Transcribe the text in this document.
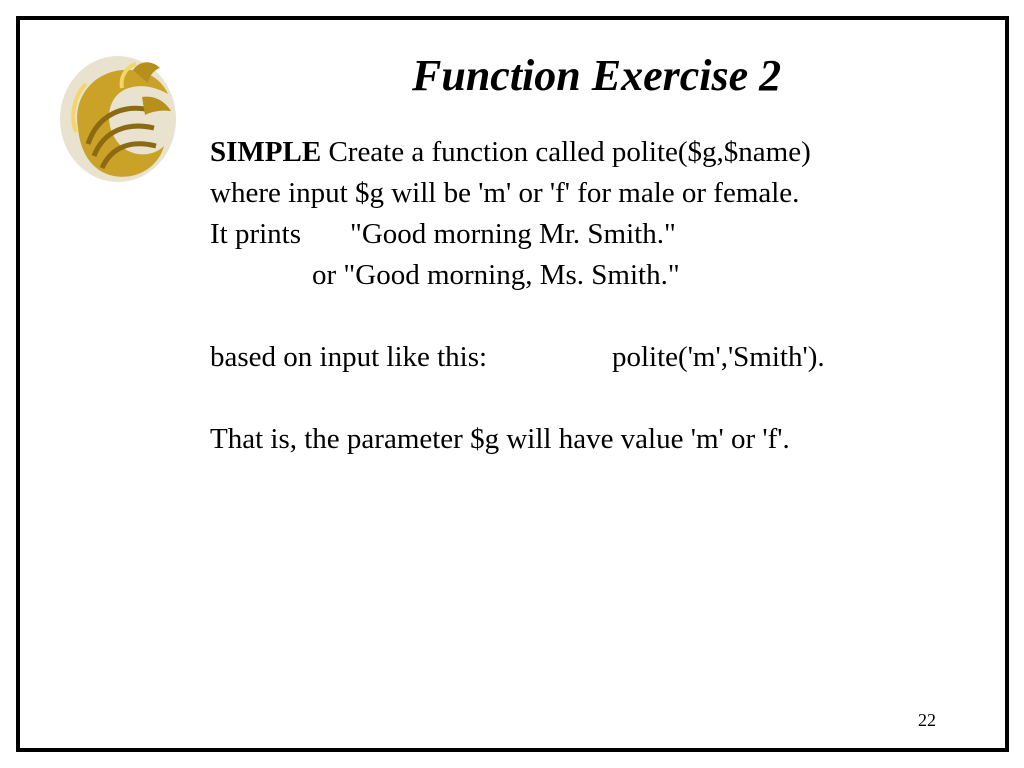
Function Exercise 2
SIMPLE Create a function called polite($g,$name)
where input $g will be 'm' or 'f' for male or female.
It prints "Good morning Mr. Smith."
or "Good morning, Ms. Smith."
based on input like this:	polite('m','Smith').
That is, the parameter $g will have value 'm' or 'f'.
22
